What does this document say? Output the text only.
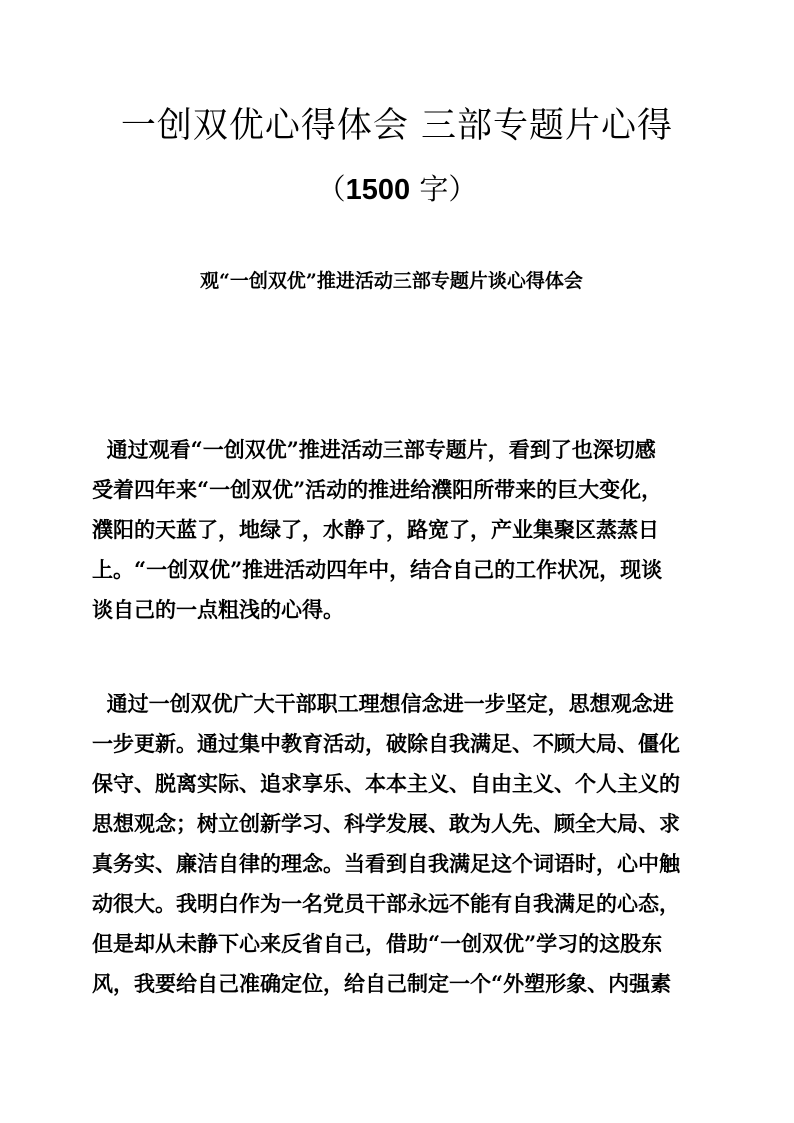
一创双优心得体会 三部专题片心得
（1500 字）
观“一创双优”推进活动三部专题片谈心得体会
通过观看“一创双优”推进活动三部专题片，看到了也深切感
受着四年来“一创双优”活动的推进给濮阳所带来的巨大变化，
濮阳的天蓝了，地绿了，水静了，路宽了，产业集聚区蒸蒸日
上。“一创双优”推进活动四年中，结合自己的工作状况，现谈
谈自己的一点粗浅的心得。
通过一创双优广大干部职工理想信念进一步坚定，思想观念进
一步更新。通过集中教育活动，破除自我满足、不顾大局、僵化
保守、脱离实际、追求享乐、本本主义、自由主义、个人主义的
思想观念；树立创新学习、科学发展、敢为人先、顾全大局、求
真务实、廉洁自律的理念。当看到自我满足这个词语时，心中触
动很大。我明白作为一名党员干部永远不能有自我满足的心态，
但是却从未静下心来反省自己，借助“一创双优”学习的这股东
风，我要给自己准确定位，给自己制定一个“外塑形象、内强素
